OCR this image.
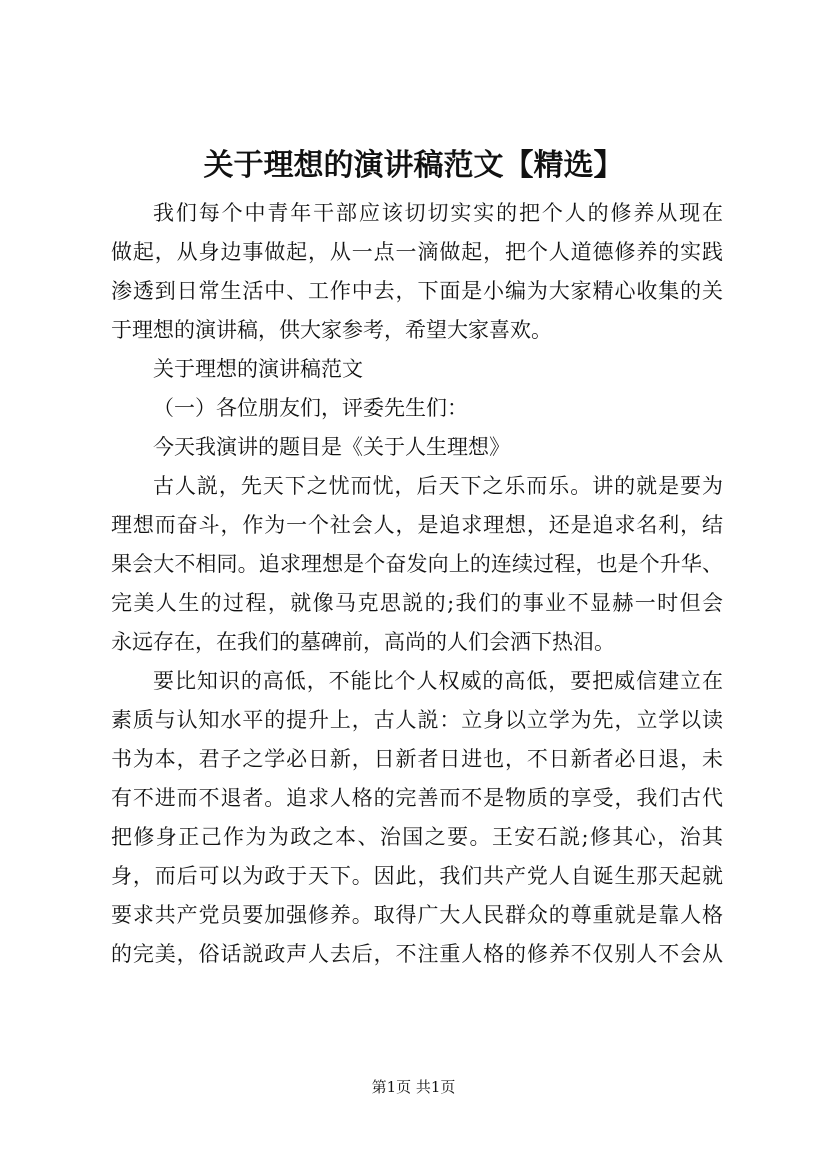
关于理想的演讲稿范文【精选】
我们每个中青年干部应该切切实实的把个人的修养从现在
做起，从身边事做起，从一点一滴做起，把个人道德修养的实践
渗透到日常生活中、工作中去，下面是小编为大家精心收集的关
于理想的演讲稿，供大家参考，希望大家喜欢。
关于理想的演讲稿范文
（一）各位朋友们，评委先生们：
今天我演讲的题目是《关于人生理想》
古人説，先天下之忧而忧，后天下之乐而乐。讲的就是要为
理想而奋斗，作为一个社会人，是追求理想，还是追求名利，结
果会大不相同。追求理想是个奋发向上的连续过程，也是个升华、
完美人生的过程，就像马克思説的;我们的事业不显赫一时但会
永远存在，在我们的墓碑前，高尚的人们会洒下热泪。
要比知识的高低，不能比个人权威的高低，要把威信建立在
素质与认知水平的提升上，古人説：立身以立学为先，立学以读
书为本，君子之学必日新，日新者日进也，不日新者必日退，未
有不进而不退者。追求人格的完善而不是物质的享受，我们古代
把修身正己作为为政之本、治国之要。王安石説;修其心，治其
身，而后可以为政于天下。因此，我们共产党人自诞生那天起就
要求共产党员要加强修养。取得广大人民群众的尊重就是靠人格
的完美，俗话説政声人去后，不注重人格的修养不仅别人不会从
第1页 共1页
